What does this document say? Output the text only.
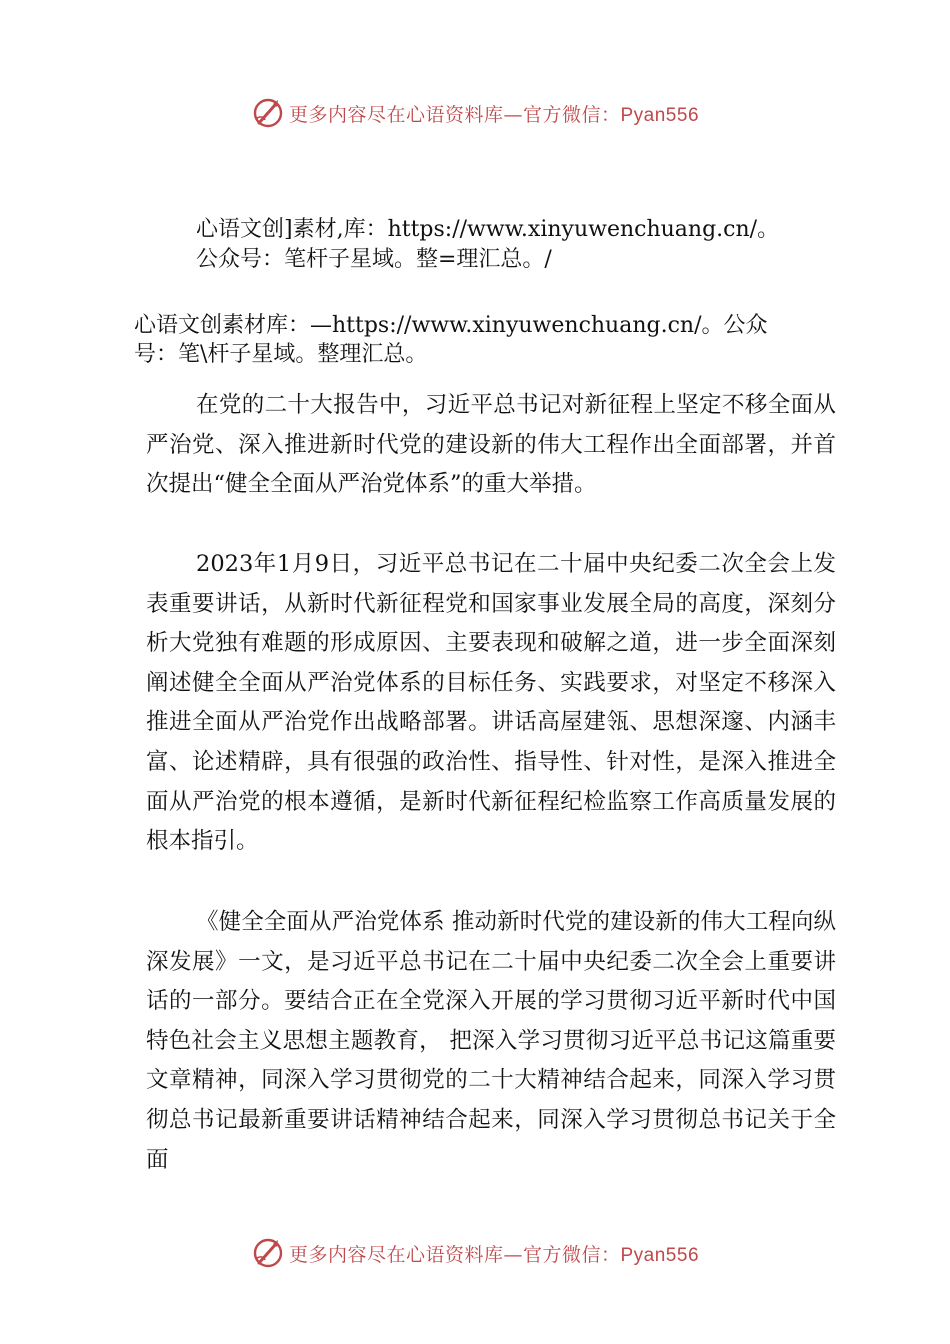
更多内容尽在心语资料库—官方微信：Pyan556
心语文创]素材,库：https://www.xinyuwenchuang.cn/。
公众号：笔杆子星域。整=理汇总。/
心语文创素材库：—https://www.xinyuwenchuang.cn/。公众
号：笔\杆子星域。整理汇总。

在党的二十大报告中，习近平总书记对新征程上坚定不移全面从严治党、深入推进新时代党的建设新的伟大工程作出全面部署，并首次提出“健全全面从严治党体系”的重大举措。

2023年1月9日，习近平总书记在二十届中央纪委二次全会上发表重要讲话，从新时代新征程党和国家事业发展全局的高度，深刻分析大党独有难题的形成原因、主要表现和破解之道，进一步全面深刻阐述健全全面从严治党体系的目标任务、实践要求，对坚定不移深入推进全面从严治党作出战略部署。讲话高屋建瓴、思想深邃、内涵丰富、论述精辟，具有很强的政治性、指导性、针对性，是深入推进全面从严治党的根本遵循，是新时代新征程纪检监察工作高质量发展的根本指引。

《健全全面从严治党体系 推动新时代党的建设新的伟大工程向纵深发展》一文，是习近平总书记在二十届中央纪委二次全会上重要讲话的一部分。要结合正在全党深入开展的学习贯彻习近平新时代中国特色社会主义思想主题教育， 把深入学习贯彻习近平总书记这篇重要文章精神，同深入学习贯彻党的二十大精神结合起来，同深入学习贯彻总书记最新重要讲话精神结合起来，同深入学习贯彻总书记关于全面

更多内容尽在心语资料库—官方微信：Pyan556
